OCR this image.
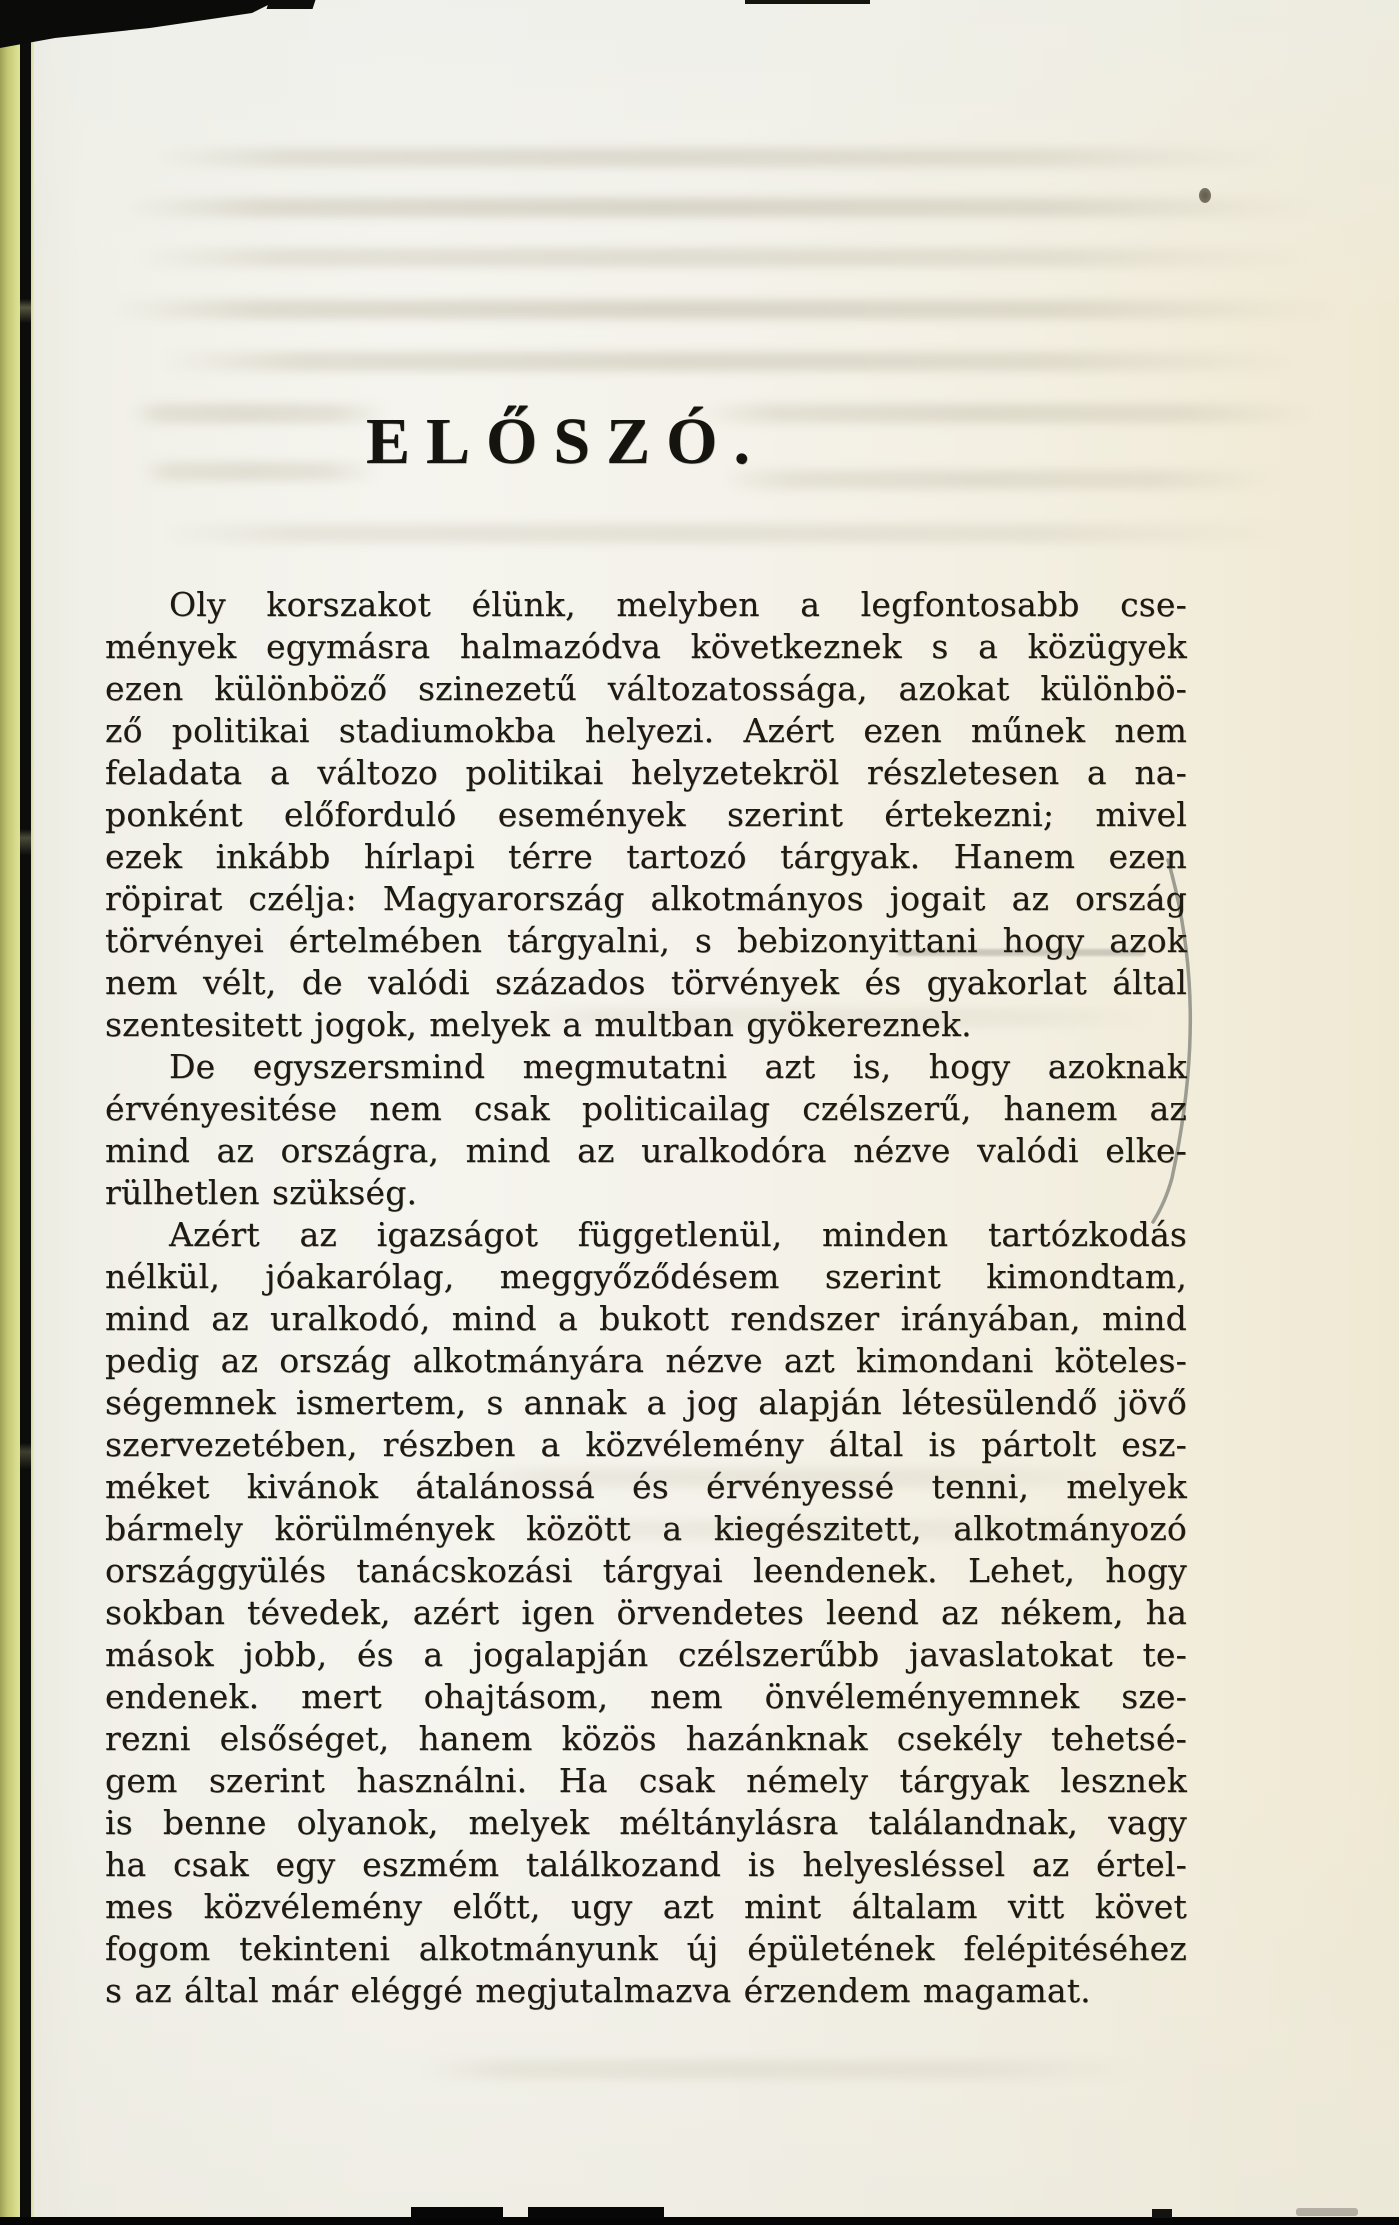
ELŐSZÓ.
Oly korszakot élünk, melyben a legfontosabb cse-
mények egymásra halmazódva következnek s a közügyek
ezen különböző szinezetű változatossága, azokat különbö-
ző politikai stadiumokba helyezi. Azért ezen műnek nem
feladata a változo politikai helyzetekröl részletesen a na-
ponként előforduló események szerint értekezni; mivel
ezek inkább hírlapi térre tartozó tárgyak. Hanem ezen
röpirat czélja: Magyarország alkotmányos jogait az ország
törvényei értelmében tárgyalni, s bebizonyittani hogy azok
nem vélt, de valódi százados törvények és gyakorlat által
szentesitett jogok, melyek a multban gyökereznek.
De egyszersmind megmutatni azt is, hogy azoknak
érvényesitése nem csak politicailag czélszerű, hanem az
mind az országra, mind az uralkodóra nézve valódi elke-
rülhetlen szükség.
Azért az igazságot függetlenül, minden tartózkodás
nélkül, jóakarólag, meggyőződésem szerint kimondtam,
mind az uralkodó, mind a bukott rendszer irányában, mind
pedig az ország alkotmányára nézve azt kimondani köteles-
ségemnek ismertem, s annak a jog alapján létesülendő jövő
szervezetében, részben a közvélemény által is pártolt esz-
méket kivánok átalánossá és érvényessé tenni, melyek
bármely körülmények között a kiegészitett, alkotmányozó
országgyülés tanácskozási tárgyai leendenek. Lehet, hogy
sokban tévedek, azért igen örvendetes leend az nékem, ha
mások jobb, és a jogalapján czélszerűbb javaslatokat te-
endenek. mert ohajtásom, nem önvéleményemnek sze-
rezni elsőséget, hanem közös hazánknak csekély tehetsé-
gem szerint használni. Ha csak némely tárgyak lesznek
is benne olyanok, melyek méltánylásra találandnak, vagy
ha csak egy eszmém találkozand is helyesléssel az értel-
mes közvélemény előtt, ugy azt mint általam vitt követ
fogom tekinteni alkotmányunk új épületének felépitéséhez
s az által már eléggé megjutalmazva érzendem magamat.
